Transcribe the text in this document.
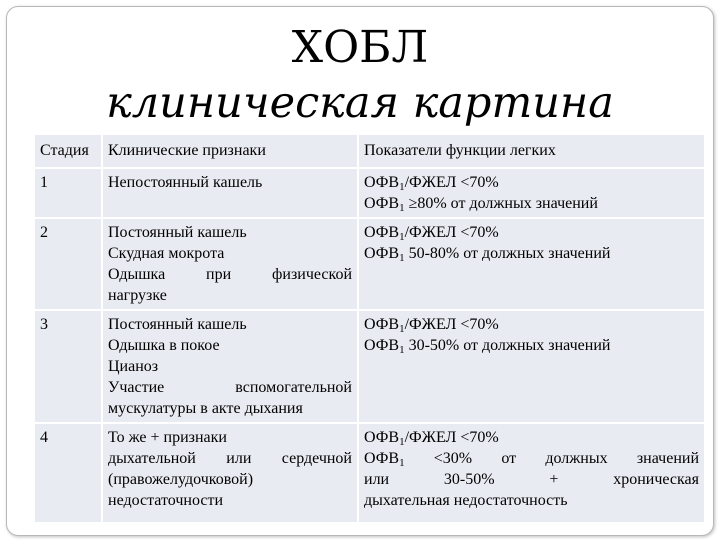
ХОБЛ
клиническая картина
Стадия	Клинические признаки	Показатели функции легких
1	Непостоянный кашель	$ОФВ_1$/ФЖЕЛ <70%
$ОФВ_1 \ge 80\%$ от должных значений

2	Постоянный кашель
Скудная мокрота
Одышка при физической
нагрузке	$ОФВ_1$/ФЖЕЛ <70%
$ОФВ_1$ 50-80% от должных значений

3	Постоянный кашель
Одышка в покое
Цианоз
Участие вспомогательной
мускулатуры в акте дыхания	$ОФВ_1$/ФЖЕЛ <70%
$ОФВ_1$ 30-50% от должных значений

4	То же + признаки
дыхательной или сердечной
(правожелудочковой)
недостаточности	$ОФВ_1$/ФЖЕЛ <70%
$ОФВ_1 <30\%$ от должных значений
или 30-50% + хроническая
дыхательная недостаточность
